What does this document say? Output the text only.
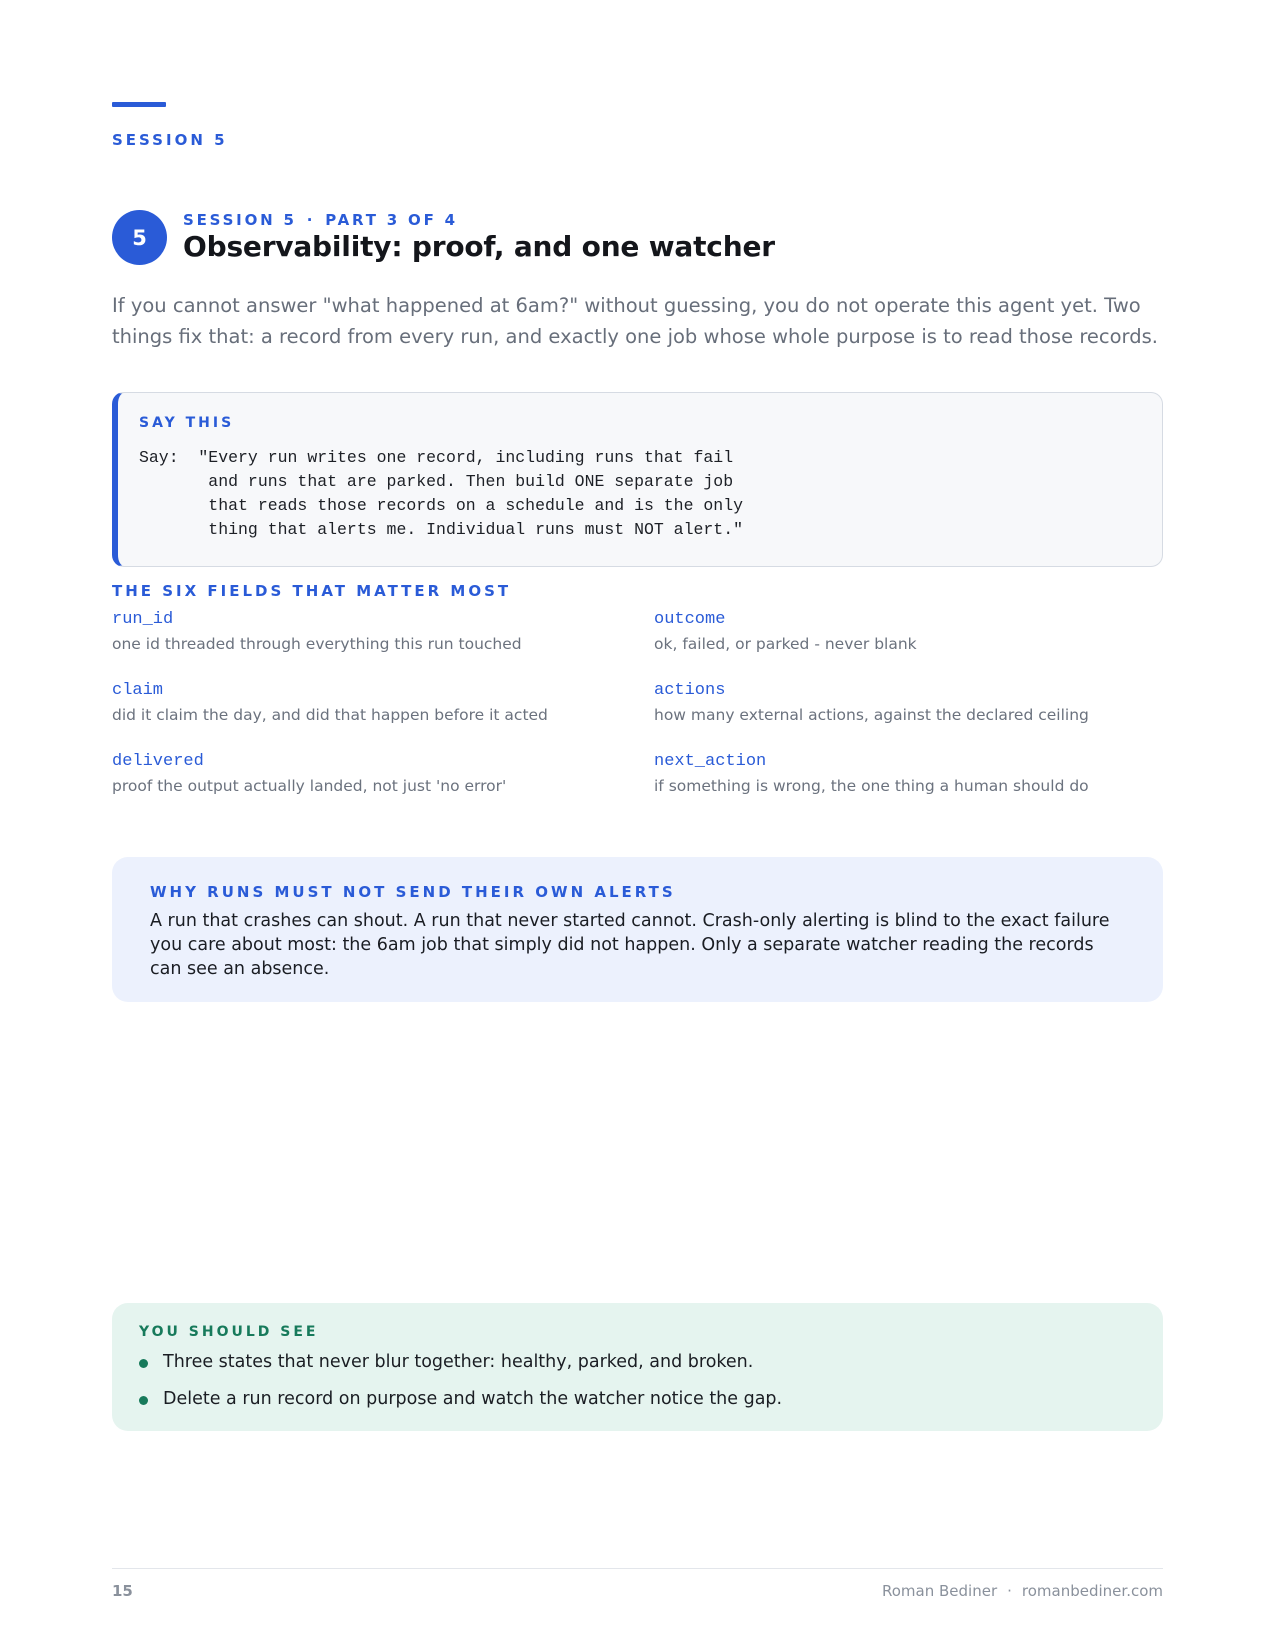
SESSION 5
5
SESSION 5 · PART 3 OF 4
Observability: proof, and one watcher

If you cannot answer "what happened at 6am?" without guessing, you do not operate this agent yet. Two things fix that: a record from every run, and exactly one job whose whole purpose is to read those records.

SAY THIS
Say:  "Every run writes one record, including runs that fail
and runs that are parked. Then build ONE separate job
that reads those records on a schedule and is the only
thing that alerts me. Individual runs must NOT alert."
THE SIX FIELDS THAT MATTER MOST
run_id
one id threaded through everything this run touched
outcome
ok, failed, or parked - never blank
claim
did it claim the day, and did that happen before it acted
actions
how many external actions, against the declared ceiling
delivered
proof the output actually landed, not just 'no error'
next_action
if something is wrong, the one thing a human should do
WHY RUNS MUST NOT SEND THEIR OWN ALERTS

A run that crashes can shout. A run that never started cannot. Crash-only alerting is blind to the exact failure you care about most: the 6am job that simply did not happen. Only a separate watcher reading the records can see an absence.

YOU SHOULD SEE
Three states that never blur together: healthy, parked, and broken.
Delete a run record on purpose and watch the watcher notice the gap.
15	Roman Bediner · romanbediner.com
